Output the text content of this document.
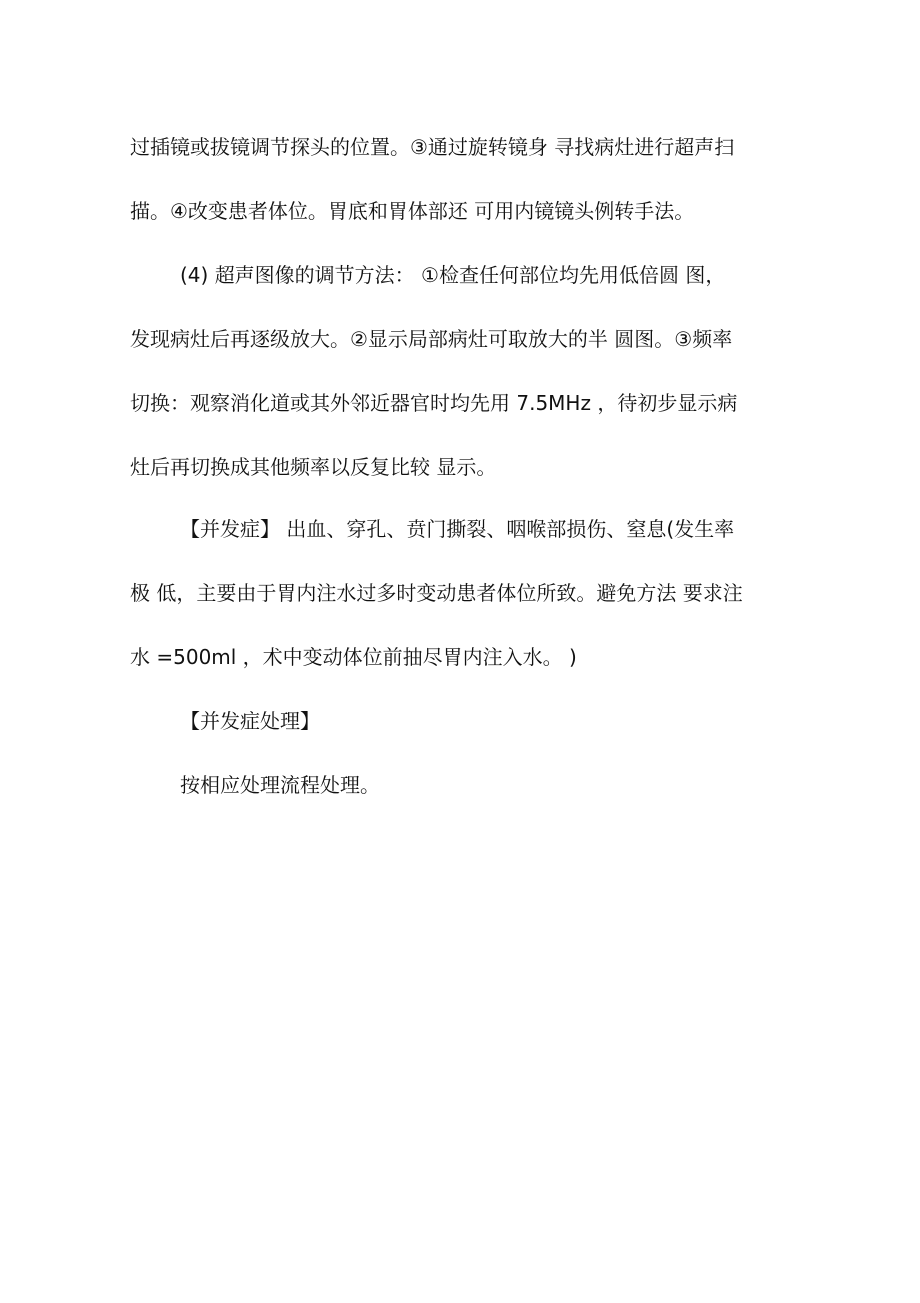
过插镜或拔镜调节探头的位置。③通过旋转镜身 寻找病灶进行超声扫
描。④改变患者体位。胃底和胃体部还 可用内镜镜头例转手法。
(4) 超声图像的调节方法： ①检查任何部位均先用低倍圆 图，
发现病灶后再逐级放大。②显示局部病灶可取放大的半 圆图。③频率
切换：观察消化道或其外邻近器官时均先用 7.5MHz ，待初步显示病
灶后再切换成其他频率以反复比较 显示。
【并发症】 出血、穿孔、贲门撕裂、咽喉部损伤、窒息(发生率
极 低，主要由于胃内注水过多时变动患者体位所致。避免方法 要求注
水 =500ml ，术中变动体位前抽尽胃内注入水。 )
【并发症处理】
按相应处理流程处理。
